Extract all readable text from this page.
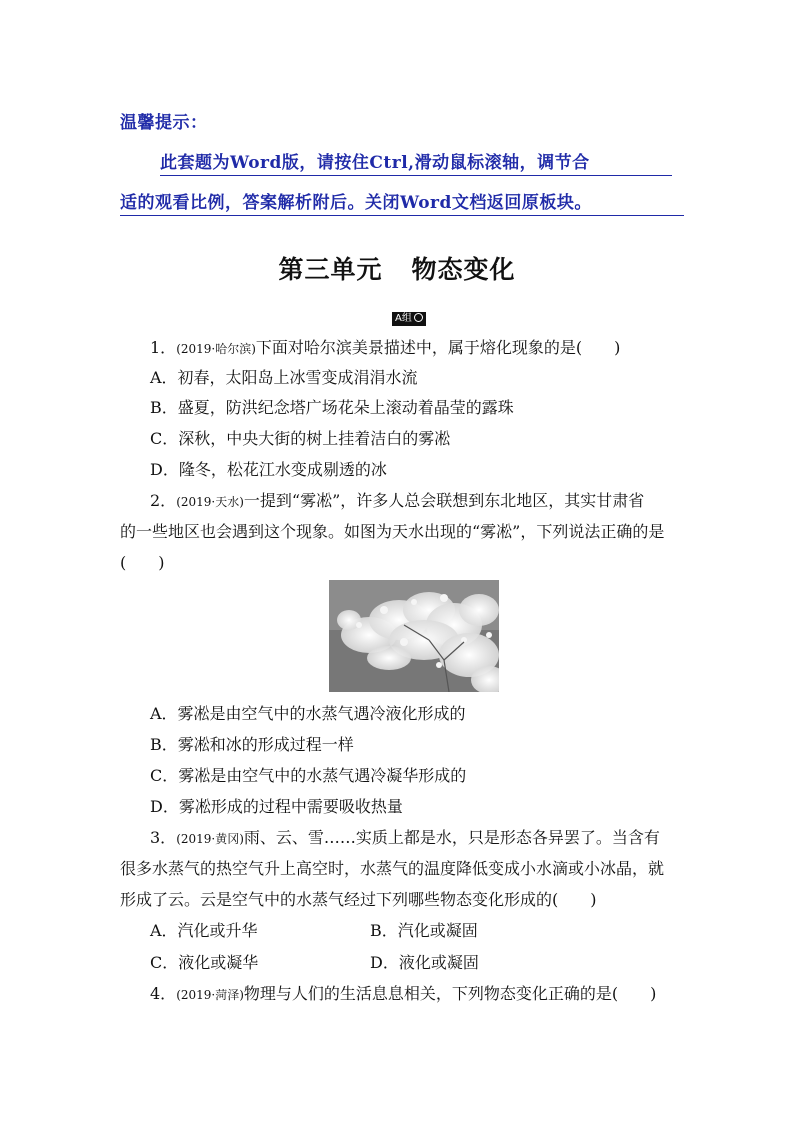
温馨提示：
此套题为Word版，请按住Ctrl,滑动鼠标滚轴，调节合
适的观看比例，答案解析附后。关闭Word文档返回原板块。
第三单元   物态变化
A组
1．(2019·哈尔滨)下面对哈尔滨美景描述中，属于熔化现象的是(　　)
A．初春，太阳岛上冰雪变成涓涓水流
B．盛夏，防洪纪念塔广场花朵上滚动着晶莹的露珠
C．深秋，中央大街的树上挂着洁白的雾凇
D．隆冬，松花江水变成剔透的冰
2．(2019·天水)一提到“雾凇”，许多人总会联想到东北地区，其实甘肃省
的一些地区也会遇到这个现象。如图为天水出现的“雾凇”，下列说法正确的是
(　　)
A．雾凇是由空气中的水蒸气遇冷液化形成的
B．雾凇和冰的形成过程一样
C．雾凇是由空气中的水蒸气遇冷凝华形成的
D．雾凇形成的过程中需要吸收热量
3．(2019·黄冈)雨、云、雪……实质上都是水，只是形态各异罢了。当含有
很多水蒸气的热空气升上高空时，水蒸气的温度降低变成小水滴或小冰晶，就
形成了云。云是空气中的水蒸气经过下列哪些物态变化形成的(　　)
A．汽化或升华	B．汽化或凝固
C．液化或凝华	D．液化或凝固
4．(2019·菏泽)物理与人们的生活息息相关，下列物态变化正确的是(　　)
